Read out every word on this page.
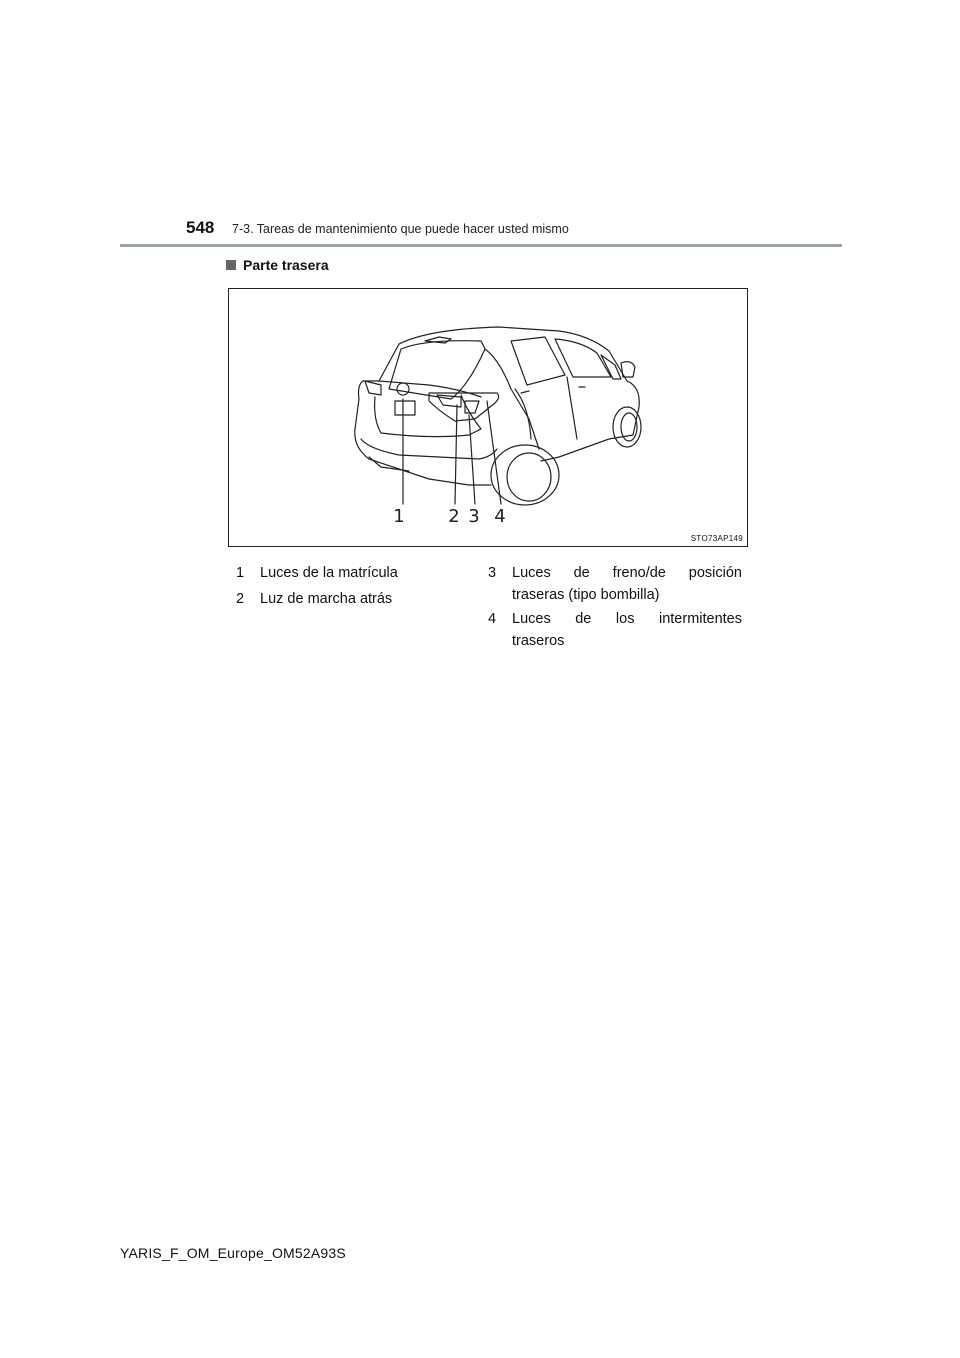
548 7-3. Tareas de mantenimiento que puede hacer usted mismo
Parte trasera
1 2 3 4
STO73AP149
1 Luces de la matrícula
2 Luz de marcha atrás
3 Luces de freno/de posición
traseras (tipo bombilla)
4 Luces de los intermitentes
traseros
YARIS_F_OM_Europe_OM52A93S
